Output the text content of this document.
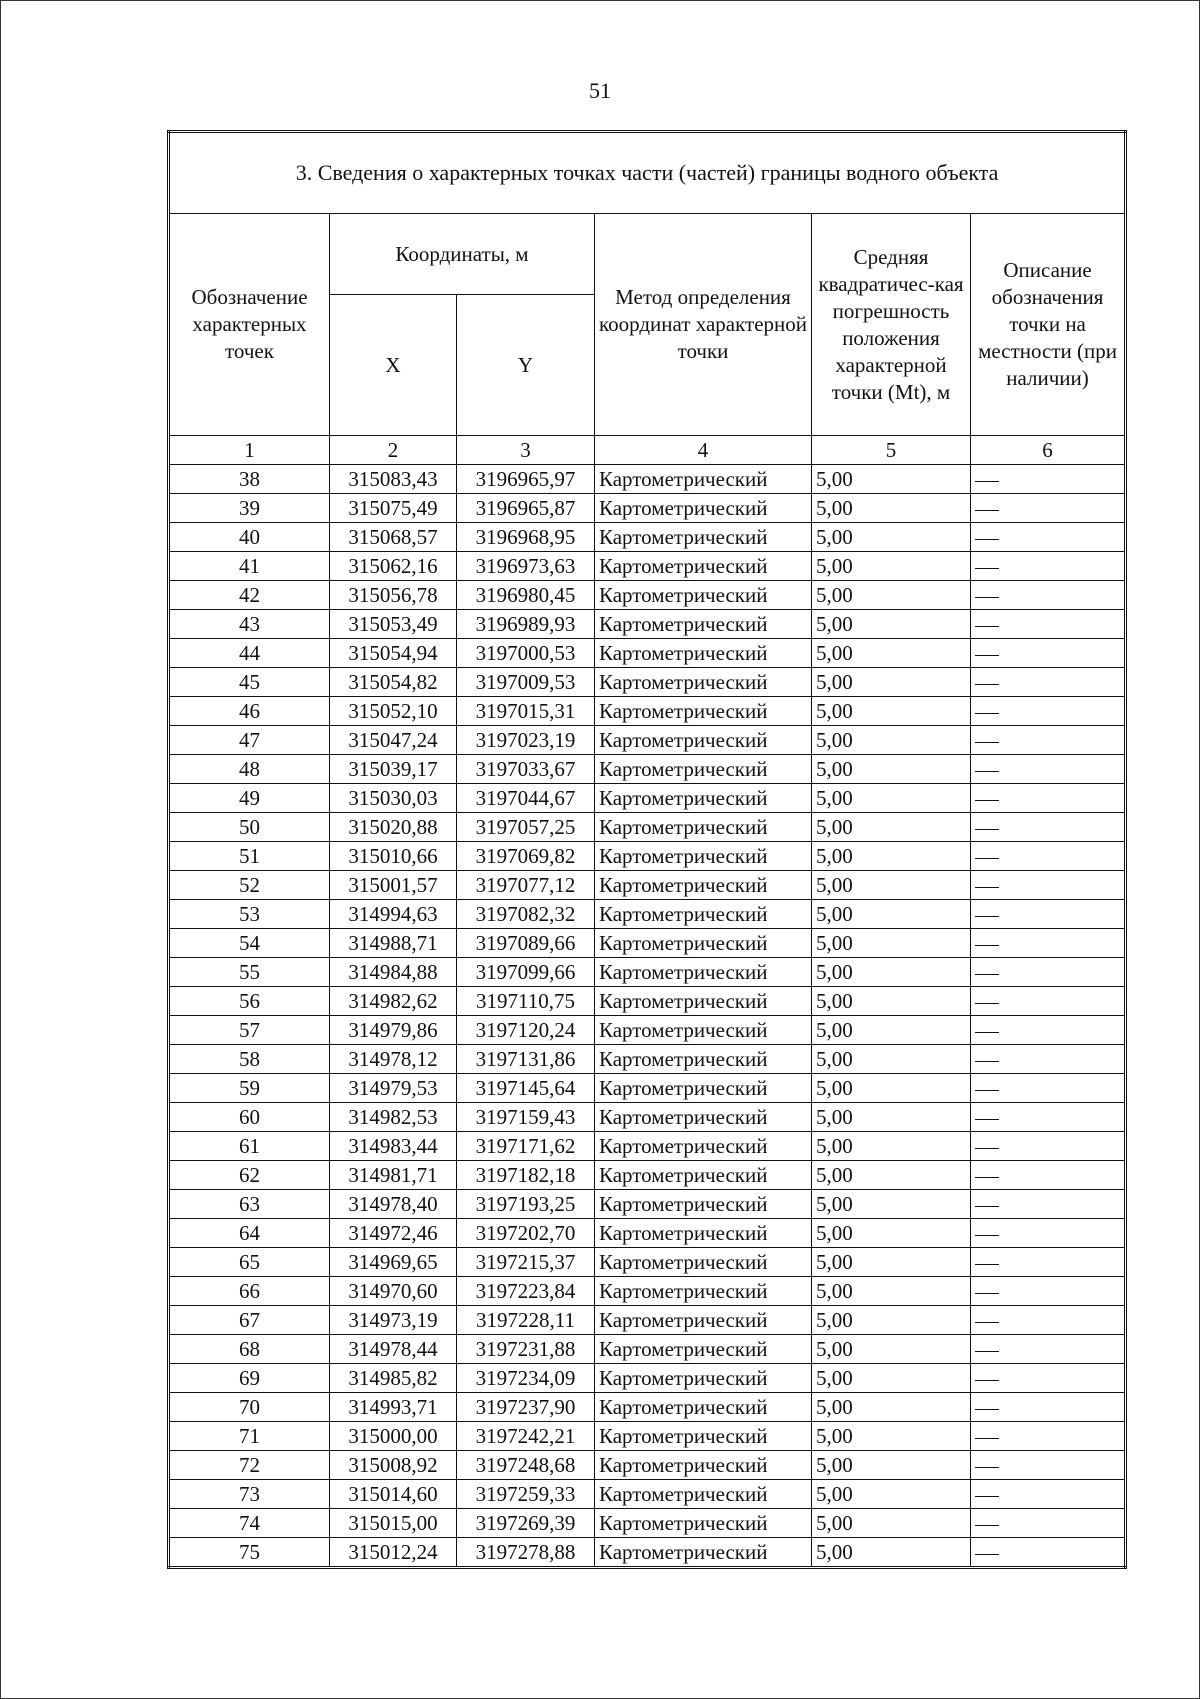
51
3. Сведения о характерных точках части (частей) границы водного объекта					
Обозначение характерных точек	Координаты, м		Метод определения координат характерной точки	Средняя квадратичес-кая погрешность положения характерной точки (Mt), м	Описание обозначения точки на местности (при наличии)
	X	Y			
1	2	3	4	5	6
38	315083,43	3196965,97	Картометрический	5,00	
39	315075,49	3196965,87	Картометрический	5,00	
40	315068,57	3196968,95	Картометрический	5,00	
41	315062,16	3196973,63	Картометрический	5,00	
42	315056,78	3196980,45	Картометрический	5,00	
43	315053,49	3196989,93	Картометрический	5,00	
44	315054,94	3197000,53	Картометрический	5,00	
45	315054,82	3197009,53	Картометрический	5,00	
46	315052,10	3197015,31	Картометрический	5,00	
47	315047,24	3197023,19	Картометрический	5,00	
48	315039,17	3197033,67	Картометрический	5,00	
49	315030,03	3197044,67	Картометрический	5,00	
50	315020,88	3197057,25	Картометрический	5,00	
51	315010,66	3197069,82	Картометрический	5,00	
52	315001,57	3197077,12	Картометрический	5,00	
53	314994,63	3197082,32	Картометрический	5,00	
54	314988,71	3197089,66	Картометрический	5,00	
55	314984,88	3197099,66	Картометрический	5,00	
56	314982,62	3197110,75	Картометрический	5,00	
57	314979,86	3197120,24	Картометрический	5,00	
58	314978,12	3197131,86	Картометрический	5,00	
59	314979,53	3197145,64	Картометрический	5,00	
60	314982,53	3197159,43	Картометрический	5,00	
61	314983,44	3197171,62	Картометрический	5,00	
62	314981,71	3197182,18	Картометрический	5,00	
63	314978,40	3197193,25	Картометрический	5,00	
64	314972,46	3197202,70	Картометрический	5,00	
65	314969,65	3197215,37	Картометрический	5,00	
66	314970,60	3197223,84	Картометрический	5,00	
67	314973,19	3197228,11	Картометрический	5,00	
68	314978,44	3197231,88	Картометрический	5,00	
69	314985,82	3197234,09	Картометрический	5,00	
70	314993,71	3197237,90	Картометрический	5,00	
71	315000,00	3197242,21	Картометрический	5,00	
72	315008,92	3197248,68	Картометрический	5,00	
73	315014,60	3197259,33	Картометрический	5,00	
74	315015,00	3197269,39	Картометрический	5,00	
75	315012,24	3197278,88	Картометрический	5,00	
